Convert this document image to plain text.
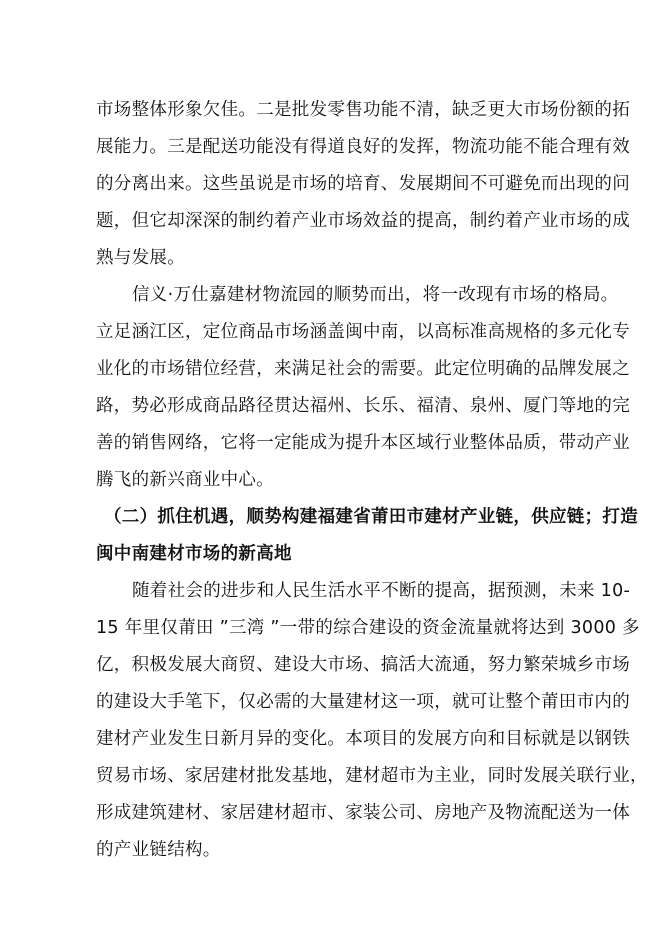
市场整体形象欠佳。二是批发零售功能不清，缺乏更大市场份额的拓
展能力。三是配送功能没有得道良好的发挥，物流功能不能合理有效
的分离出来。这些虽说是市场的培育、发展期间不可避免而出现的问
题，但它却深深的制约着产业市场效益的提高，制约着产业市场的成
熟与发展。
信义·万仕嘉建材物流园的顺势而出，将一改现有市场的格局。
立足涵江区，定位商品市场涵盖闽中南，以高标准高规格的多元化专
业化的市场错位经营，来满足社会的需要。此定位明确的品牌发展之
路，势必形成商品路径贯达福州、长乐、福清、泉州、厦门等地的完
善的销售网络，它将一定能成为提升本区域行业整体品质，带动产业
腾飞的新兴商业中心。
（二）抓住机遇，顺势构建福建省莆田市建材产业链，供应链；打造
闽中南建材市场的新高地
随着社会的进步和人民生活水平不断的提高，据预测，未来 10-
15 年里仅莆田 ”三湾 ”一带的综合建设的资金流量就将达到 3000 多
亿，积极发展大商贸、建设大市场、搞活大流通，努力繁荣城乡市场
的建设大手笔下，仅必需的大量建材这一项，就可让整个莆田市内的
建材产业发生日新月异的变化。本项目的发展方向和目标就是以钢铁
贸易市场、家居建材批发基地，建材超市为主业，同时发展关联行业，
形成建筑建材、家居建材超市、家装公司、房地产及物流配送为一体
的产业链结构。
